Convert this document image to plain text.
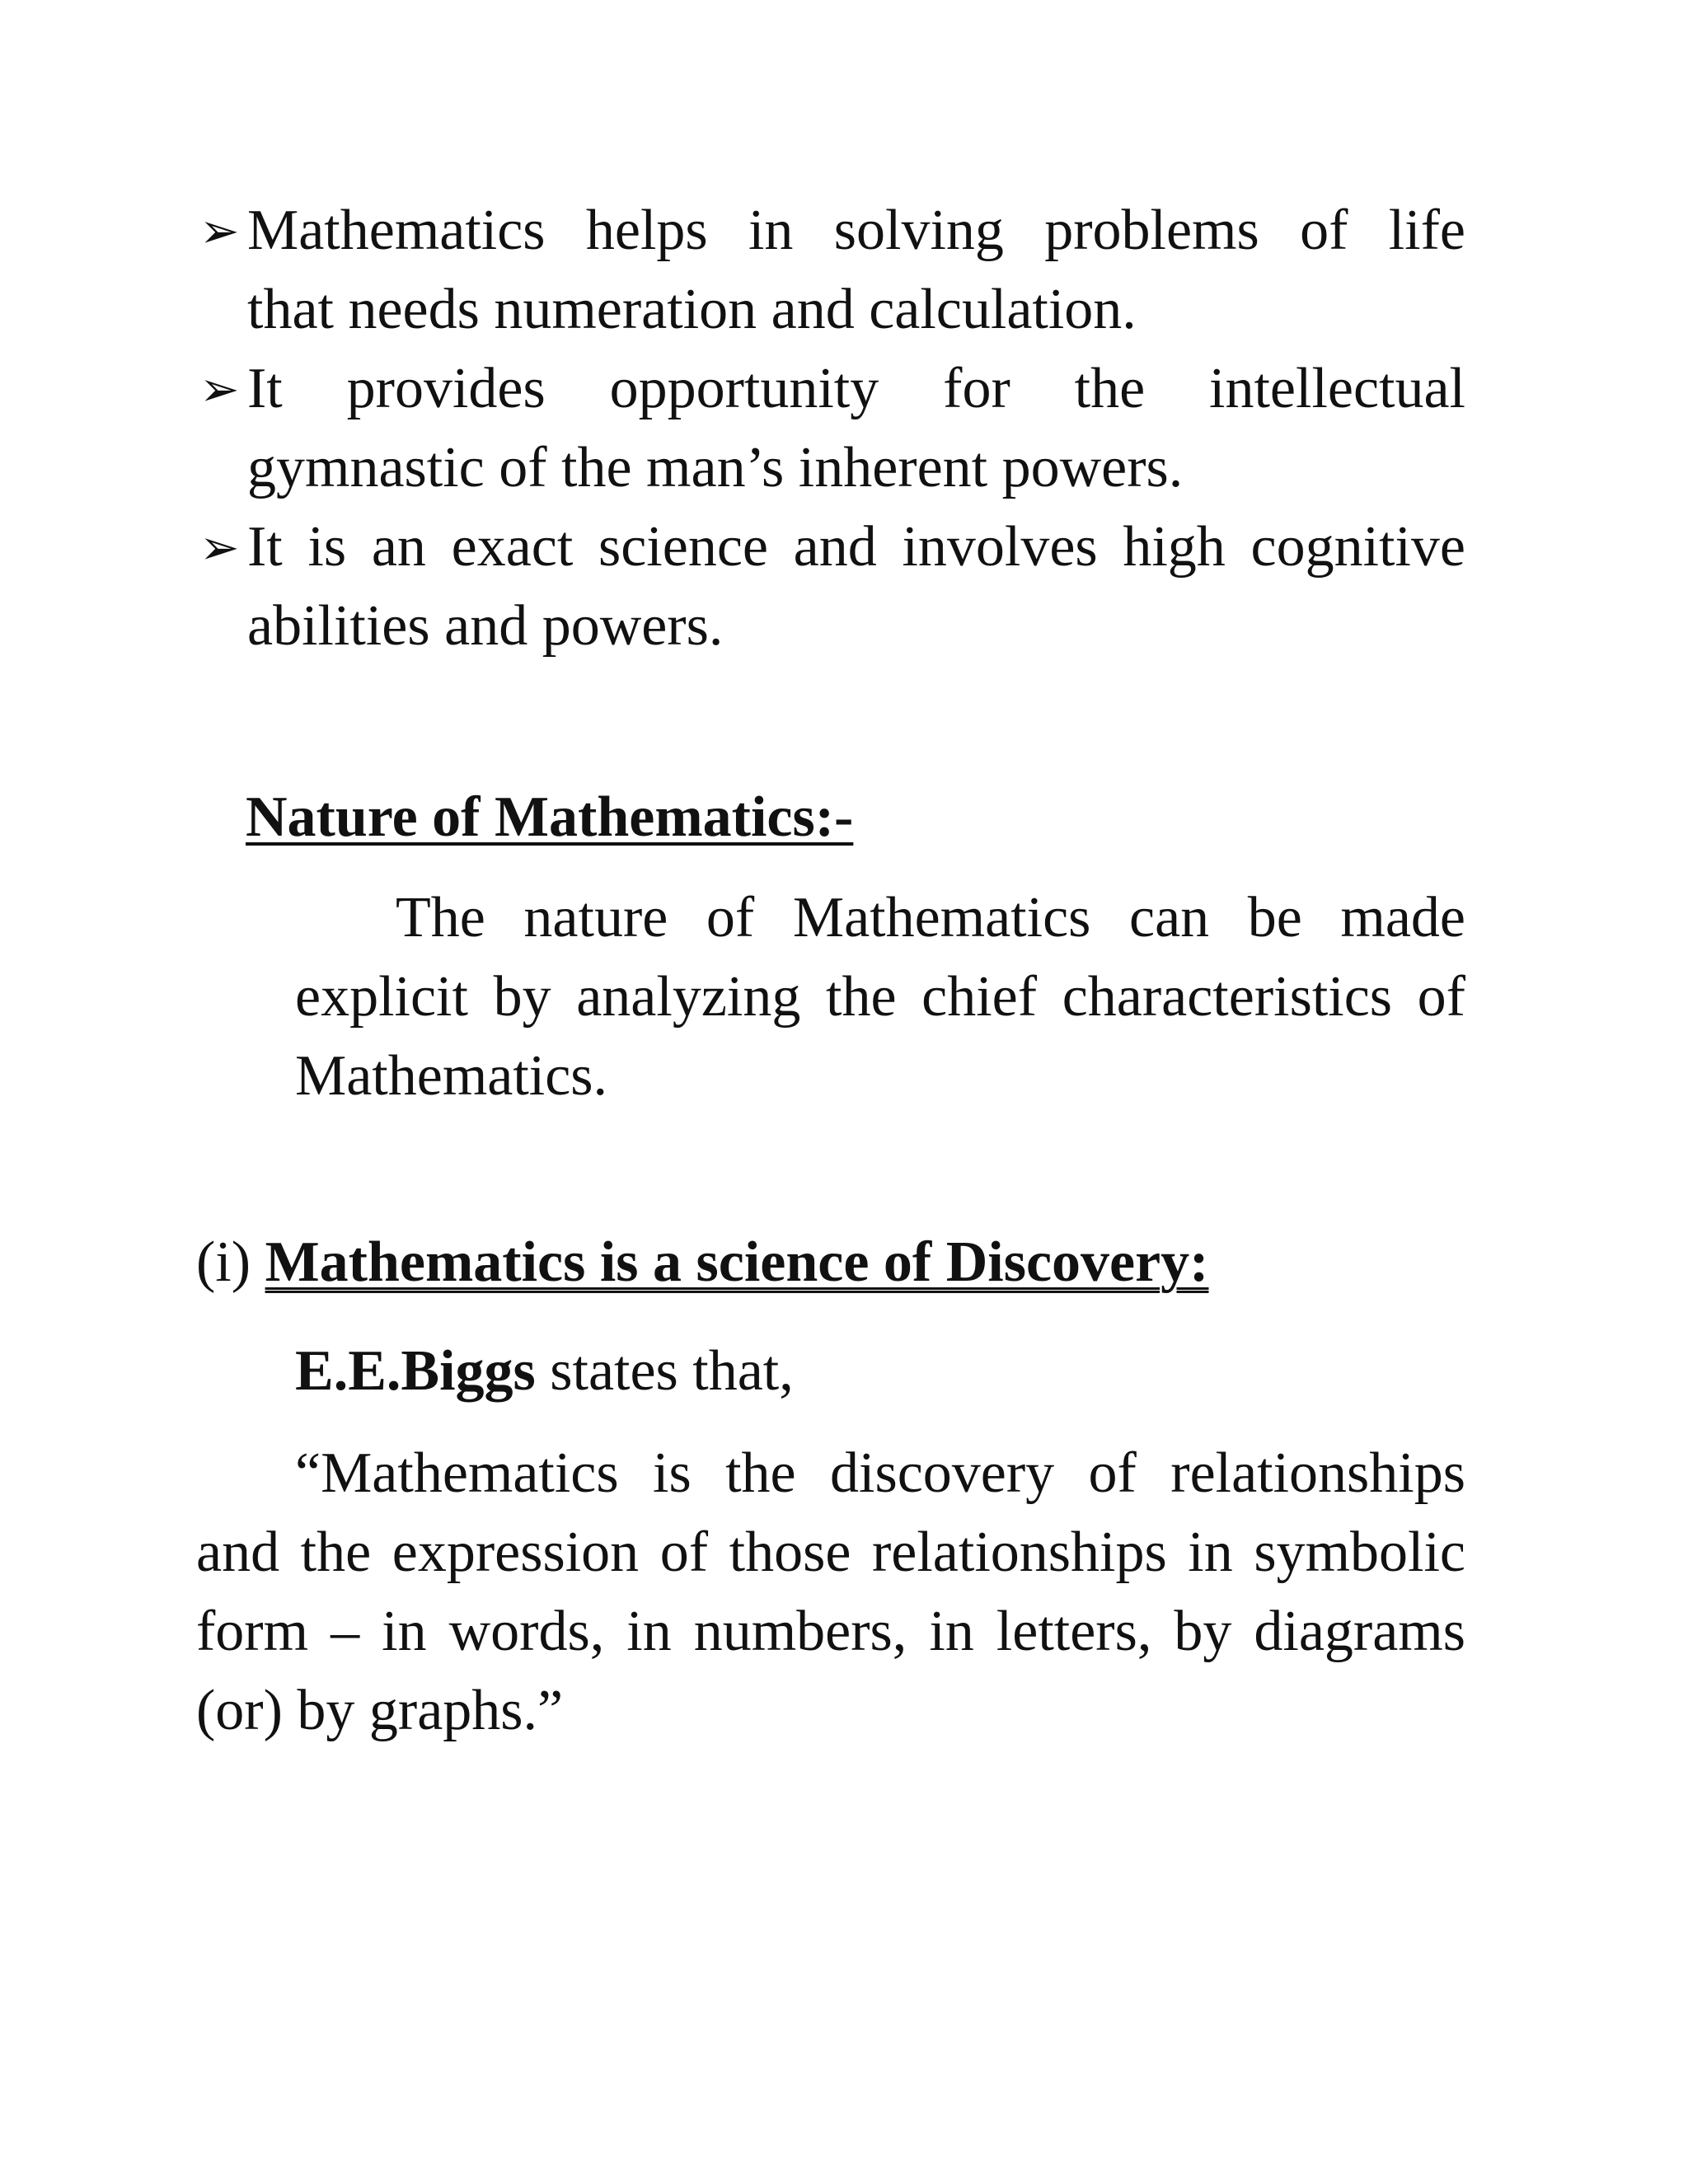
➢ Mathematics helps in solving problems of life
that needs numeration and calculation.
➢ It provides opportunity for the intellectual
gymnastic of the man’s inherent powers.
➢ It is an exact science and involves high cognitive
abilities and powers.
Nature of Mathematics:-
The nature of Mathematics can be made
explicit by analyzing the chief characteristics of
Mathematics.
(i) Mathematics is a science of Discovery:
E.E.Biggs states that,
“Mathematics is the discovery of relationships
and the expression of those relationships in symbolic
form – in words, in numbers, in letters, by diagrams
(or) by graphs.”
